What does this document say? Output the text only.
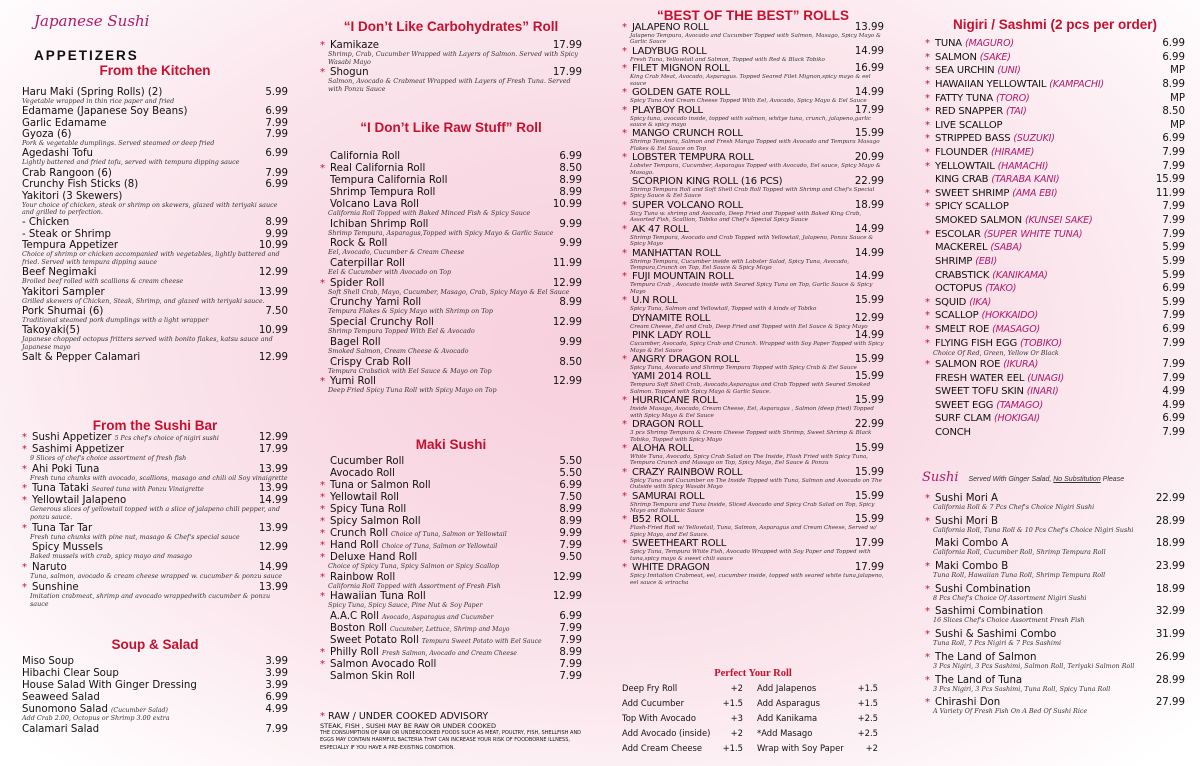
Japanese Sushi
APPETIZERS
From the Kitchen
Haru Maki (Spring Rolls) (2)	5.99
Vegetable wrapped in thin rice paper and fried
Edamame (Japanese Soy Beans)	6.99
Garlic Edamame	7.99
Gyoza (6)	7.99
Pork & vegetable dumplings. Served steamed or deep fried
Agedashi Tofu	6.99
Lightly battered and fried tofu, served with tempura dipping sauce
Crab Rangoon (6)	7.99
Crunchy Fish Sticks (8)	6.99
Yakitori (3 Skewers)
Your choice of chicken, steak or shrimp on skewers, glazed with teriyaki sauce and grilled to perfection.
- Chicken	8.99
- Steak or Shrimp	9.99
Tempura Appetizer	10.99
Choice of shrimp or chicken accompanied with vegetables, lightly battered and fried. Served with tempura dipping sauce
Beef Negimaki	12.99
Broiled beef rolled with scallions & cream cheese
Yakitori Sampler	13.99
Grilled skewers of Chicken, Steak, Shrimp, and glazed with teriyaki sauce.
Pork Shumai (6)	7.50
Traditional steamed pork dumplings with a light wrapper
Takoyaki(5)	10.99
Japanese chopped octopus fritters served with bonito flakes, katsu sauce and Japanese mayo
Salt & Pepper Calamari	12.99
From the Sushi Bar
* Sushi Appetizer 5 Pcs chef's choice of nigiri sushi	12.99
* Sashimi Appetizer	17.99
9 Slices of chef's choice assortment of fresh fish
* Ahi Poki Tuna	13.99
Fresh tuna chunks with avocado, scallions, masago and chili oil Soy vinaigrette
* Tuna Tataki Seared tuna with Ponzu Vinaigrette	13.99
* Yellowtail Jalapeno	14.99
Generous slices of yellowtail topped with a slice of jalapeno chili pepper, and ponzu sauce.
* Tuna Tar Tar	13.99
Fresh tuna chunks with pine nut, masago & Chef's special sauce
Spicy Mussels	12.99
Baked mussels with crab, spicy mayo and masago
* Naruto	14.99
Tuna, salmon, avocado & cream cheese wrapped w. cucumber & ponzu sauce
* Sunshine	13.99
Imitation crabmeat, shrimp and avocado wrappedwith cucumber & ponzu sauce
Soup & Salad
Miso Soup	3.99
Hibachi Clear Soup	3.99
House Salad With Ginger Dressing	3.99
Seaweed Salad	6.99
Sunomono Salad (Cucumber Salad)	4.99
Add Crab 2.00, Octopus or Shrimp 3.00 extra
Calamari Salad	7.99
“I Don’t Like Carbohydrates” Roll
* Kamikaze	17.99
Shrimp, Crab, Cucumber Wrapped with Layers of Salmon. Served with Spicy Wasabi Mayo
* Shogun	17.99
Salmon, Avocado & Crabmeat Wrapped with Layers of Fresh Tuna. Served with Ponzu Sauce
“I Don’t Like Raw Stuff” Roll
California Roll	6.99
* Real California Roll	8.50
Tempura California Roll	8.99
Shrimp Tempura Roll	8.99
Volcano Lava Roll	10.99
California Roll Topped with Baked Minced Fish & Spicy Sauce
Ichiban Shrimp Roll	9.99
Shrimp Tempura, Asparagus,Topped with Spicy Mayo & Garlic Sauce
Rock & Roll	9.99
Eel, Avocado, Cucumber & Cream Cheese
Caterpillar Roll	11.99
Eel & Cucumber with Avocado on Top
* Spider Roll	12.99
Soft Shell Crab, Mayo, Cucumber, Masago, Crab, Spicy Mayo & Eel Sauce
Crunchy Yami Roll	8.99
Tempura Flakes & Spicy Mayo with Shrimp on Top
Special Crunchy Roll	12.99
Shrimp Tempura Topped With Eel & Avocado
Bagel Roll	9.99
Smoked Salmon, Cream Cheese & Avocado
Crispy Crab Roll	8.50
Tempura Crabstick with Eel Sauce & Mayo on Top
* Yumi Roll	12.99
Deep Fried Spicy Tuna Roll with Spicy Mayo on Top
Maki Sushi
Cucumber Roll	5.50
Avocado Roll	5.50
* Tuna or Salmon Roll	6.99
* Yellowtail Roll	7.50
* Spicy Tuna Roll	8.99
* Spicy Salmon Roll	8.99
* Crunch Roll Choice of Tuna, Salmon or Yellowtail	9.99
* Hand Roll Choice of Tuna, Salmon or Yellowtail	7.99
* Deluxe Hand Roll	9.50
Choice of Spicy Tuna, Spicy Salmon or Spicy Scallop
* Rainbow Roll	12.99
California Roll Topped with Assortment of Fresh Fish
* Hawaiian Tuna Roll	12.99
Spicy Tuna, Spicy Sauce, Pine Nut & Soy Paper
A.A.C Roll Avocado, Asparagus and Cucumber	6.99
Boston Roll Cucumber, Lettuce, Shrimp and Mayo	7.99
Sweet Potato Roll Tempura Sweet Potato with Eel Sauce	7.99
* Philly Roll Fresh Salmon, Avocado and Cream Cheese	8.99
* Salmon Avocado Roll	7.99
Salmon Skin Roll	7.99
* RAW / UNDER COOKED ADVISORY
STEAK, FISH , SUSHI MAY BE RAW OR UNDER COOKED
THE CONSUMPTION OF RAW OR UNDERCOOKED FOODS SUCH AS MEAT, POULTRY, FISH, SHELLFISH AND EGGS MAY CONTAIN HARMFUL BACTERIA THAT CAN INCREASE YOUR RISK OF FOODBORNE ILLNESS, ESPECIALLY IF YOU HAVE A PRE-EXISTING CONDITION.
“BEST OF THE BEST” ROLLS
* JALAPENO ROLL	13.99
Jalapeno Tempura, Avocado and Cucumber Topped with Salmon, Masago, Spicy Mayo & Garlic Sauce
* LADYBUG ROLL	14.99
Fresh Tuna, Yellowtail and Salmon, Topped with Red & Black Tobiko
* FILET MIGNON ROLL	16.99
King Crab Meat, Avocado, Asparagus. Topped Seared Filet Mignon,spicy mayo & eel sauce
* GOLDEN GATE ROLL	14.99
Spicy Tuna And Cream Cheese Topped With Eel, Avocado, Spicy Mayo & Eel Sauce
* PLAYBOY ROLL	17.99
Spicy tuna, avocado inside, topped with salmon, whitye tuna, crunch, jalapeno,garlic sauce & spicy mayo
* MANGO CRUNCH ROLL	15.99
Shrimp Tempura, Salmon and Fresh Mango Topped with Avocado and Tempura Masago Flakes & Eel Sauce on Top
* LOBSTER TEMPURA ROLL	20.99
Lobster Tempura, Cucumber, Asparagus Topped with Avocado, Eel sauce, Spicy Mayo & Masago.
SCORPION KING ROLL (16 PCS)	22.99
Shrimp Tempura Roll and Soft Shell Crab Roll Topped with Shrimp and Chef's Special Spicy Sauce & Eel Sauce
* SUPER VOLCANO ROLL	18.99
Sicy Tuna w. shrimp and Avocado, Deep Fried and Topped with Baked King Crab, Assorted Fish, Scallion, Tobiko and Chef's Special Spicy Sauce
* AK 47 ROLL	14.99
Shrimp Tempura, Avocado and Crab Topped with Yellowtail, Jalapeno, Ponzu Sauce & Spicy Mayo
* MANHATTAN ROLL	14.99
Shrimp Tempura, Cucumber inside with Lobster Salad, Spicy Tuna, Avocado, Tempura,Crunch on Top, Eel Sauce & Spicy Mayo
* FUJI MOUNTAIN ROLL	14.99
Tempura Crab , Avocado inside with Seared Spicy Tuna on Top, Garlic Sauce & Spicy Mayo
* U.N ROLL	15.99
Spicy Tuna, Salmon and Yellowtail, Topped with 4 kinds of Tobiko
DYNAMITE ROLL	12.99
Cream Cheese, Eel and Crab, Deep Fried and Topped with Eel Sauce & Spicy Mayo
PINK LADY ROLL	14.99
Cucumber, Avocado, Spicy Crab and Crunch. Wrapped with Soy Paper Topped with Spicy Mayo & Eel Sauce
* ANGRY DRAGON ROLL	15.99
Spicy Tuna, Avocado and Shrimp Tempura Topped with Spicy Crab & Eel Sauce
YAMI 2014 ROLL	15.99
Tempura Soft Shell Crab, Avocado,Asparagus and Crab Topped with Seared Smoked Salmon. Topped with Spicy Mayo & Garlic Sauce.
* HURRICANE ROLL	15.99
Inside Masago, Avocado, Cream Cheese, Eel, Asparagus , Salmon (deep fried) Topped with Spicy Mayo & Eel Sauce
* DRAGON ROLL	22.99
3 pcs Shrimp Tempura & Cream Cheese Topped with Shrimp, Sweet Shrimp & Black Tobiko, Topped with Spicy Mayo
* ALOHA ROLL	15.99
White Tuna, Avocado, Spicy Crab Salad on The Inside, Flash Fried with Spicy Tuna, Tempura Crunch and Masago on Top, Spicy Mayo, Eel Sauce & Ponzu
* CRAZY RAINBOW ROLL	15.99
Spicy Tuna and Cucumber on The Inside Topped with Tuna, Salmon and Avocado on The Outside with Spicy Wasabi Mayo
* SAMURAI ROLL	15.99
Shrimp Tempura and Tuna Inside, Sliced Avocado and Spicy Crab Salad on Top, Spicy Mayo and Balsamic Sauce
* B52 ROLL	15.99
Flash-Fried Roll w/ Yellowtail, Tuna, Salmon, Asparagus and Cream Cheese, Served w/ Spicy Mayo, and Eel Sauce.
* SWEETHEART ROLL	17.99
Spicy Tuna, Tempura White Fish, Avocado Wrapped with Soy Paper and Topped with tuna,spicy mayo & sweet chili sauce
* WHITE DRAGON	17.99
Spicy Imitation Crabmeat, eel, cucumber inside, topped with seared white tuna,jalapeno, eel sauce & sriracha
Perfect Your Roll
Deep Fry Roll	+2 Add Jalapenos	+1.5
Add Cucumber	+1.5 Add Asparagus	+1.5
Top With Avocado	+3 Add Kanikama	+2.5
Add Avocado (inside) +2 *Add Masago	+2.5
Add Cream Cheese +1.5 Wrap with Soy Paper	+2
Nigiri / Sashmi (2 pcs per order)
* TUNA (MAGURO)	6.99
* SALMON (SAKE)	6.99
* SEA URCHIN (UNI)	MP
* HAWAIIAN YELLOWTAIL (KAMPACHI)	8.99
* FATTY TUNA (TORO)	MP
* RED SNAPPER (TAI)	8.50
* LIVE SCALLOP	MP
* STRIPPED BASS (SUZUKI)	6.99
* FLOUNDER (HIRAME)	7.99
* YELLOWTAIL (HAMACHI)	7.99
KING CRAB (TARABA KANI)	15.99
* SWEET SHRIMP (AMA EBI)	11.99
* SPICY SCALLOP	7.99
SMOKED SALMON (KUNSEI SAKE)	7.99
* ESCOLAR (SUPER WHITE TUNA)	7.99
MACKEREL (SABA)	5.99
SHRIMP (EBI)	5.99
CRABSTICK (KANIKAMA)	5.99
OCTOPUS (TAKO)	6.99
* SQUID (IKA)	5.99
* SCALLOP (HOKKAIDO)	7.99
* SMELT ROE (MASAGO)	6.99
* FLYING FISH EGG (TOBIKO)	7.99
Choice Of Red, Green, Yellow Or Black
* SALMON ROE (IKURA)	7.99
FRESH WATER EEL (UNAGI)	7.99
SWEET TOFU SKIN (INARI)	4.99
SWEET EGG (TAMAGO)	4.99
SURF CLAM (HOKIGAI)	6.99
CONCH	7.99
Sushi Served With Ginger Salad, No Substitution Please
* Sushi Mori A	22.99
California Roll & 7 Pcs Chef's Choice Nigiri Sushi
* Sushi Mori B	28.99
California Roll, Tuna Roll & 10 Pcs Chef's Choice Nigiri Sushi
Maki Combo A	18.99
California Roll, Cucumber Roll, Shrimp Tempura Roll
* Maki Combo B	23.99
Tuna Roll, Hawaiian Tuna Roll, Shrimp Tempura Roll
* Sushi Combination	18.99
8 Pcs Chef's Choice Of Assortment Nigiri Sushi
* Sashimi Combination	32.99
16 Slices Chef's Choice Assortment Fresh Fish
* Sushi & Sashimi Combo	31.99
Tuna Roll, 7 Pcs Nigiri & 7 Pcs Sashimi
* The Land of Salmon	26.99
3 Pcs Nigiri, 3 Pcs Sashimi, Salmon Roll, Teriyaki Salmon Roll
* The Land of Tuna	28.99
3 Pcs Nigiri, 3 Pcs Sashimi, Tuna Roll, Spicy Tuna Roll
* Chirashi Don	27.99
A Variety Of Fresh Fish On A Bed Of Sushi Rice
